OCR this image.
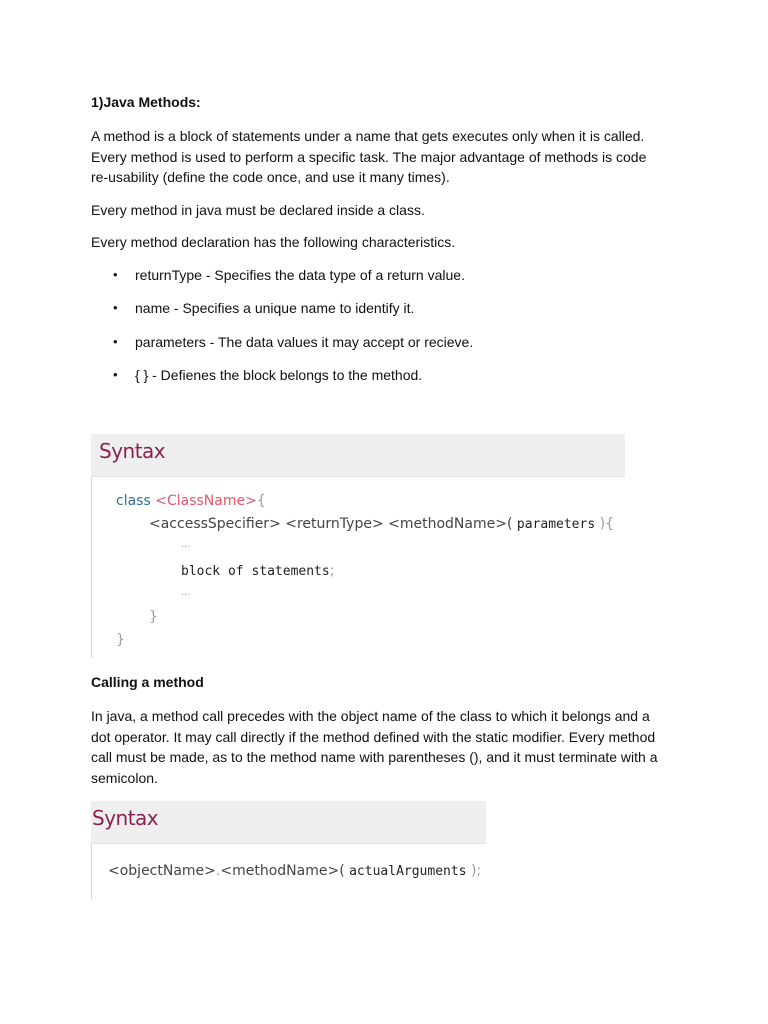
1)Java Methods:

A method is a block of statements under a name that gets executes only when it is called. Every method is used to perform a specific task. The major advantage of methods is code re-usability (define the code once, and use it many times).

Every method in java must be declared inside a class.

Every method declaration has the following characteristics.

• returnType - Specifies the data type of a return value.
• name - Specifies a unique name to identify it.
• parameters - The data values it may accept or recieve.
• { } - Defienes the block belongs to the method.
Syntax
class <ClassName>{
<accessSpecifier> <returnType> <methodName>( parameters ){
...
block of statements;
...
}
}
Calling a method

In java, a method call precedes with the object name of the class to which it belongs and a dot operator. It may call directly if the method defined with the static modifier. Every method call must be made, as to the method name with parentheses (), and it must terminate with a semicolon.

Syntax
<objectName>.<methodName>( actualArguments );
